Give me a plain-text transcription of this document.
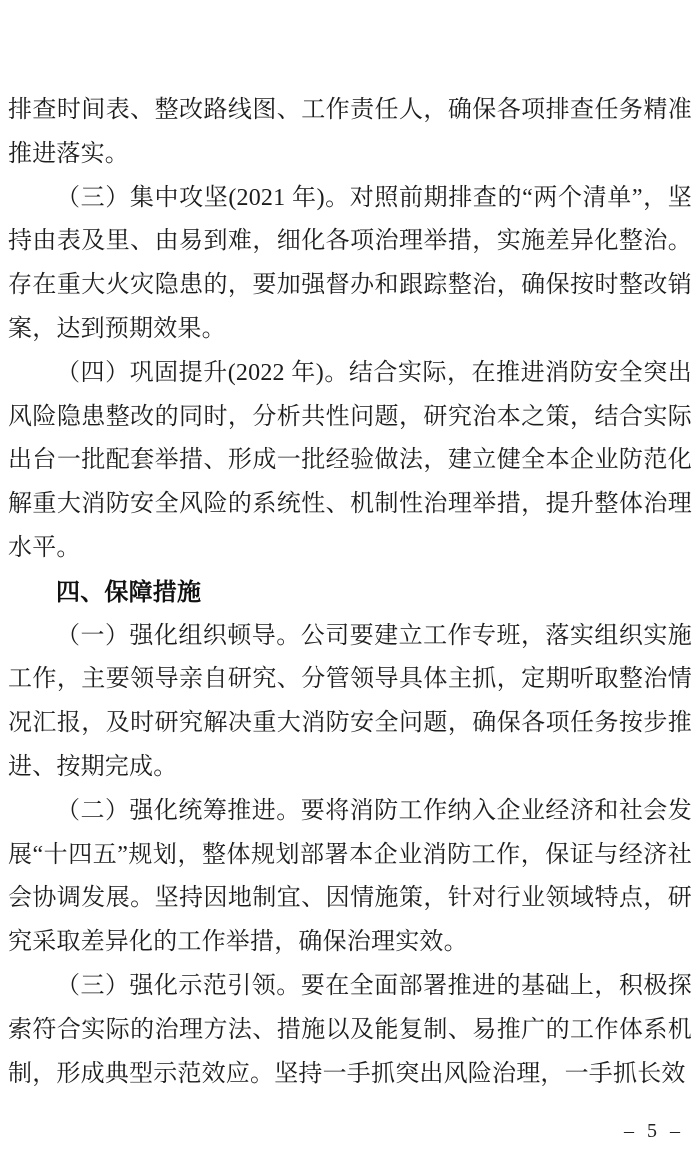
排查时间表、整改路线图、工作责任人，确保各项排查任务精准推进落实。

（三）集中攻坚(2021 年)。对照前期排查的“两个清单”，坚持由表及里、由易到难，细化各项治理举措，实施差异化整治。存在重大火灾隐患的，要加强督办和跟踪整治，确保按时整改销案，达到预期效果。

（四）巩固提升(2022 年)。结合实际，在推进消防安全突出风险隐患整改的同时，分析共性问题，研究治本之策，结合实际出台一批配套举措、形成一批经验做法，建立健全本企业防范化解重大消防安全风险的系统性、机制性治理举措，提升整体治理水平。

四、保障措施

（一）强化组织顿导。公司要建立工作专班，落实组织实施工作，主要领导亲自研究、分管领导具体主抓，定期听取整治情况汇报，及时研究解决重大消防安全问题，确保各项任务按步推进、按期完成。

（二）强化统筹推进。要将消防工作纳入企业经济和社会发展“十四五”规划，整体规划部署本企业消防工作，保证与经济社会协调发展。坚持因地制宜、因情施策，针对行业领域特点，研究采取差异化的工作举措，确保治理实效。

（三）强化示范引领。要在全面部署推进的基础上，积极探索符合实际的治理方法、措施以及能复制、易推广的工作体系机制，形成典型示范效应。坚持一手抓突出风险治理，一手抓长效

– 5 –
